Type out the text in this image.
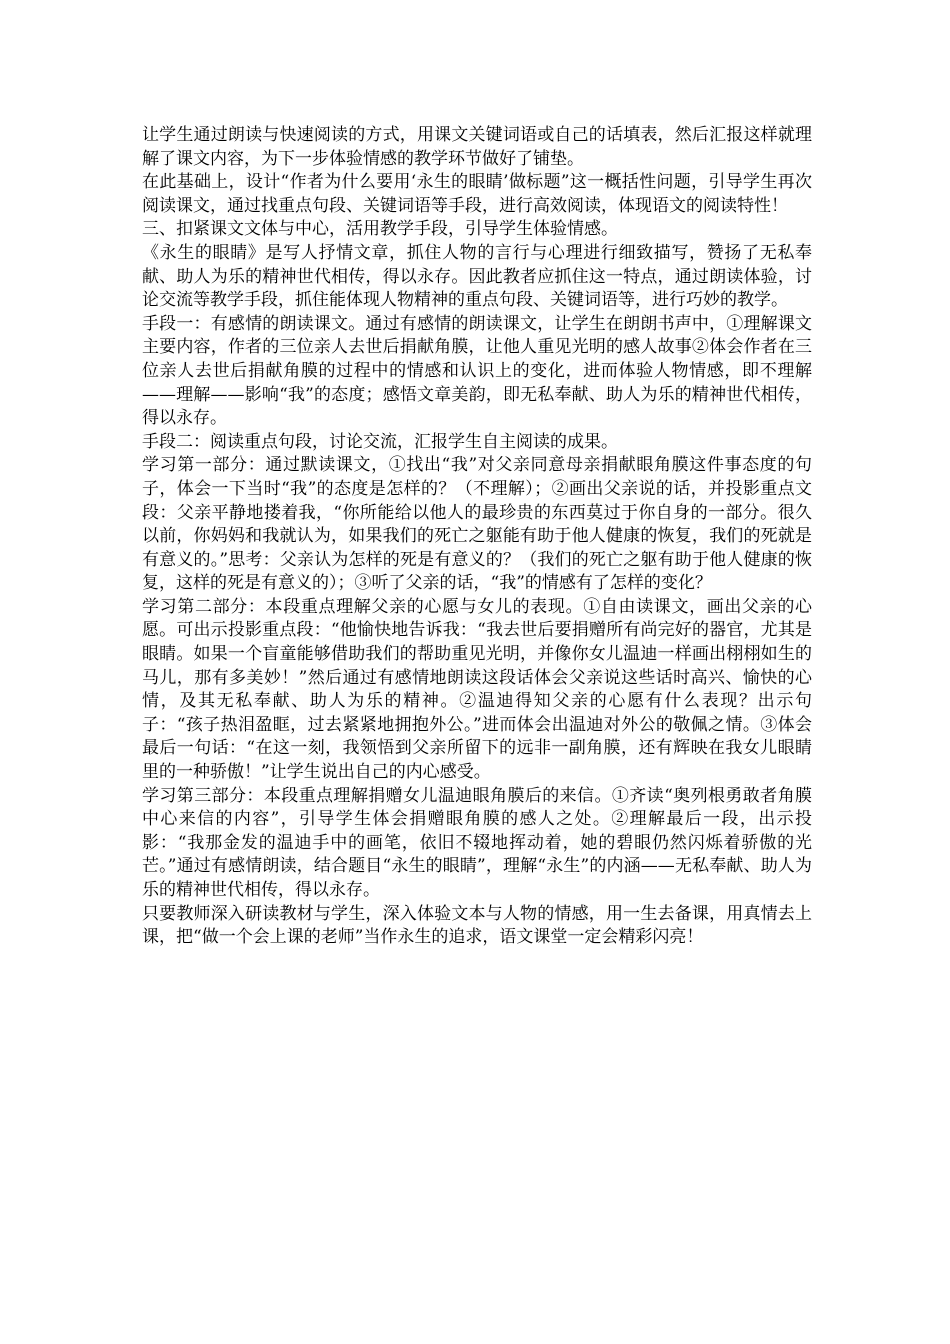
让学生通过朗读与快速阅读的方式，用课文关键词语或自己的话填表，然后汇报这样就理解了课文内容，为下一步体验情感的教学环节做好了铺垫。

在此基础上，设计“作者为什么要用‘永生的眼睛’做标题”这一概括性问题，引导学生再次阅读课文，通过找重点句段、关键词语等手段，进行高效阅读，体现语文的阅读特性！

三、扣紧课文文体与中心，活用教学手段，引导学生体验情感。

《永生的眼睛》是写人抒情文章，抓住人物的言行与心理进行细致描写，赞扬了无私奉献、助人为乐的精神世代相传，得以永存。因此教者应抓住这一特点，通过朗读体验，讨论交流等教学手段，抓住能体现人物精神的重点句段、关键词语等，进行巧妙的教学。

手段一：有感情的朗读课文。通过有感情的朗读课文，让学生在朗朗书声中，①理解课文主要内容，作者的三位亲人去世后捐献角膜，让他人重见光明的感人故事②体会作者在三位亲人去世后捐献角膜的过程中的情感和认识上的变化，进而体验人物情感，即不理解——理解——影响“我”的态度；感悟文章美韵，即无私奉献、助人为乐的精神世代相传，得以永存。

手段二：阅读重点句段，讨论交流，汇报学生自主阅读的成果。

学习第一部分：通过默读课文，①找出“我”对父亲同意母亲捐献眼角膜这件事态度的句子，体会一下当时“我”的态度是怎样的？（不理解）；②画出父亲说的话，并投影重点文段：父亲平静地搂着我，“你所能给以他人的最珍贵的东西莫过于你自身的一部分。很久以前，你妈妈和我就认为，如果我们的死亡之躯能有助于他人健康的恢复，我们的死就是有意义的。”思考：父亲认为怎样的死是有意义的？（我们的死亡之躯有助于他人健康的恢复，这样的死是有意义的）；③听了父亲的话，“我”的情感有了怎样的变化？

学习第二部分：本段重点理解父亲的心愿与女儿的表现。①自由读课文，画出父亲的心愿。可出示投影重点段：“他愉快地告诉我：“我去世后要捐赠所有尚完好的器官，尤其是眼睛。如果一个盲童能够借助我们的帮助重见光明，并像你女儿温迪一样画出栩栩如生的马儿，那有多美妙！”然后通过有感情地朗读这段话体会父亲说这些话时高兴、愉快的心情，及其无私奉献、助人为乐的精神。②温迪得知父亲的心愿有什么表现？出示句子：“孩子热泪盈眶，过去紧紧地拥抱外公。”进而体会出温迪对外公的敬佩之情。③体会最后一句话：“在这一刻，我领悟到父亲所留下的远非一副角膜，还有辉映在我女儿眼睛里的一种骄傲！”让学生说出自己的内心感受。

学习第三部分：本段重点理解捐赠女儿温迪眼角膜后的来信。①齐读“奥列根勇敢者角膜中心来信的内容”，引导学生体会捐赠眼角膜的感人之处。②理解最后一段，出示投影：“我那金发的温迪手中的画笔，依旧不辍地挥动着，她的碧眼仍然闪烁着骄傲的光芒。”通过有感情朗读，结合题目“永生的眼睛”，理解“永生”的内涵——无私奉献、助人为乐的精神世代相传，得以永存。

只要教师深入研读教材与学生，深入体验文本与人物的情感，用一生去备课，用真情去上课，把“做一个会上课的老师”当作永生的追求，语文课堂一定会精彩闪亮！
